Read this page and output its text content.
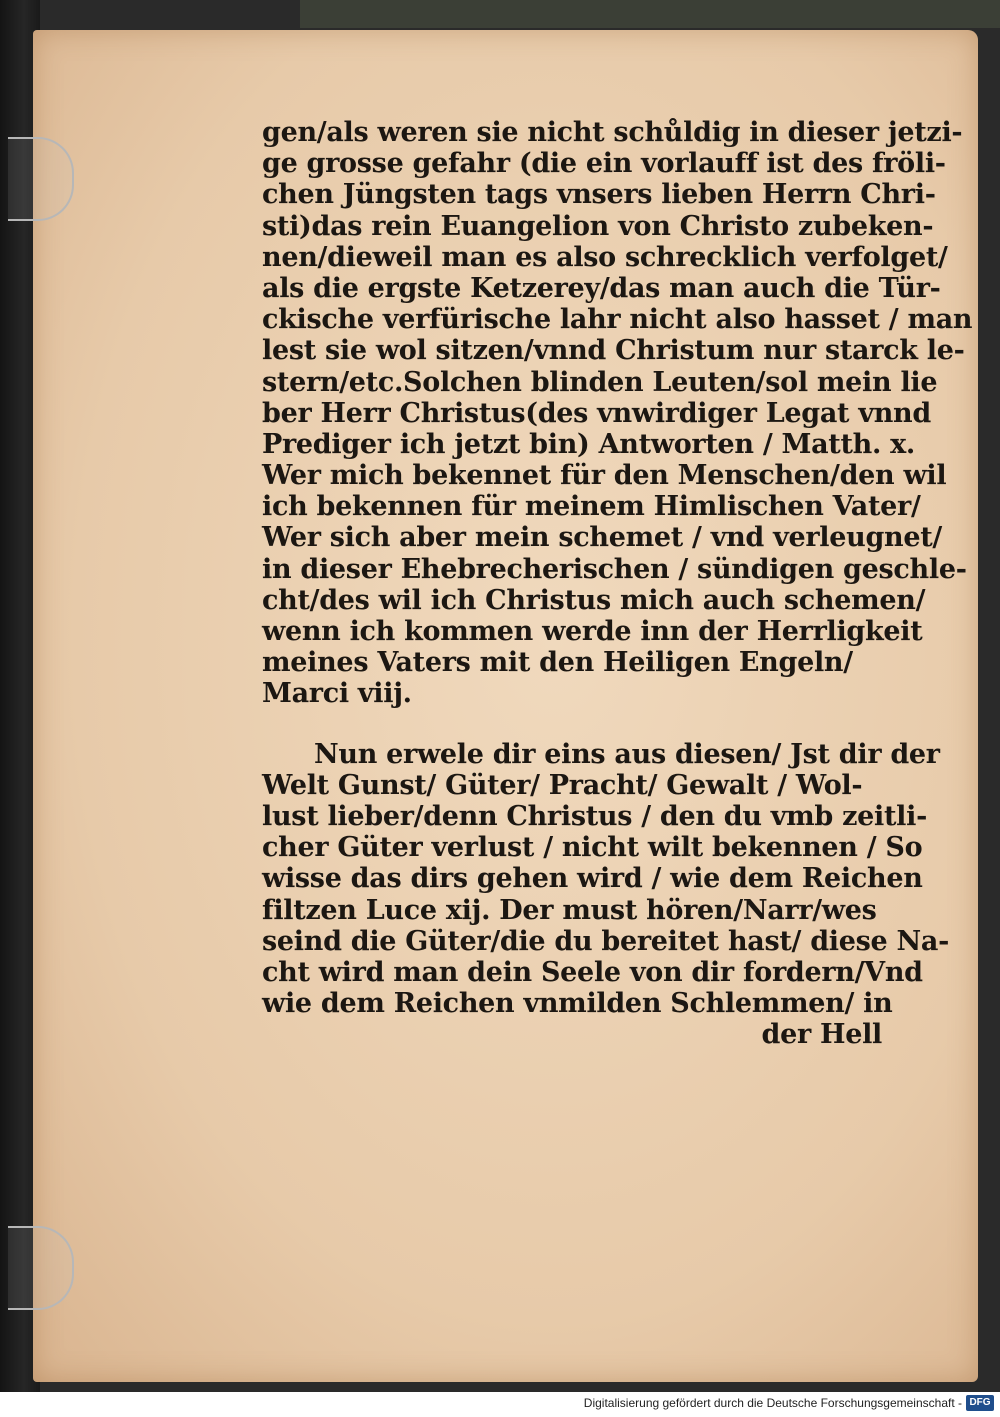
gen/als weren sie nicht schůldig in dieser jetzi-
ge grosse gefahr (die ein vorlauff ist des fröli-
chen Jüngsten tags vnsers lieben Herrn Chri-
sti)das rein Euangelion von Christo zubeken-
nen/dieweil man es also schrecklich verfolget/
als die ergste Ketzerey/das man auch die Tür-
ckische verfürische lahr nicht also hasset / man
lest sie wol sitzen/vnnd Christum nur starck le-
stern/etc.Solchen blinden Leuten/sol mein lie
ber Herr Christus(des vnwirdiger Legat vnnd
Prediger ich jetzt bin) Antworten / Matth. x.
Wer mich bekennet für den Menschen/den wil
ich bekennen für meinem Himlischen Vater/
Wer sich aber mein schemet / vnd verleugnet/
in dieser Ehebrecherischen / sündigen geschle-
cht/des wil ich Christus mich auch schemen/
wenn ich kommen werde inn der Herrligkeit
meines Vaters mit den Heiligen Engeln/
Marci viij.
Nun erwele dir eins aus diesen/ Jst dir der
Welt Gunst/ Güter/ Pracht/ Gewalt / Wol-
lust lieber/denn Christus / den du vmb zeitli-
cher Güter verlust / nicht wilt bekennen / So
wisse das dirs gehen wird / wie dem Reichen
filtzen Luce xij. Der must hören/Narr/wes
seind die Güter/die du bereitet hast/ diese Na-
cht wird man dein Seele von dir fordern/Vnd
wie dem Reichen vnmilden Schlemmen/ in
der Hell
Digitalisierung gefördert durch die Deutsche Forschungsgemeinschaft - DFG
